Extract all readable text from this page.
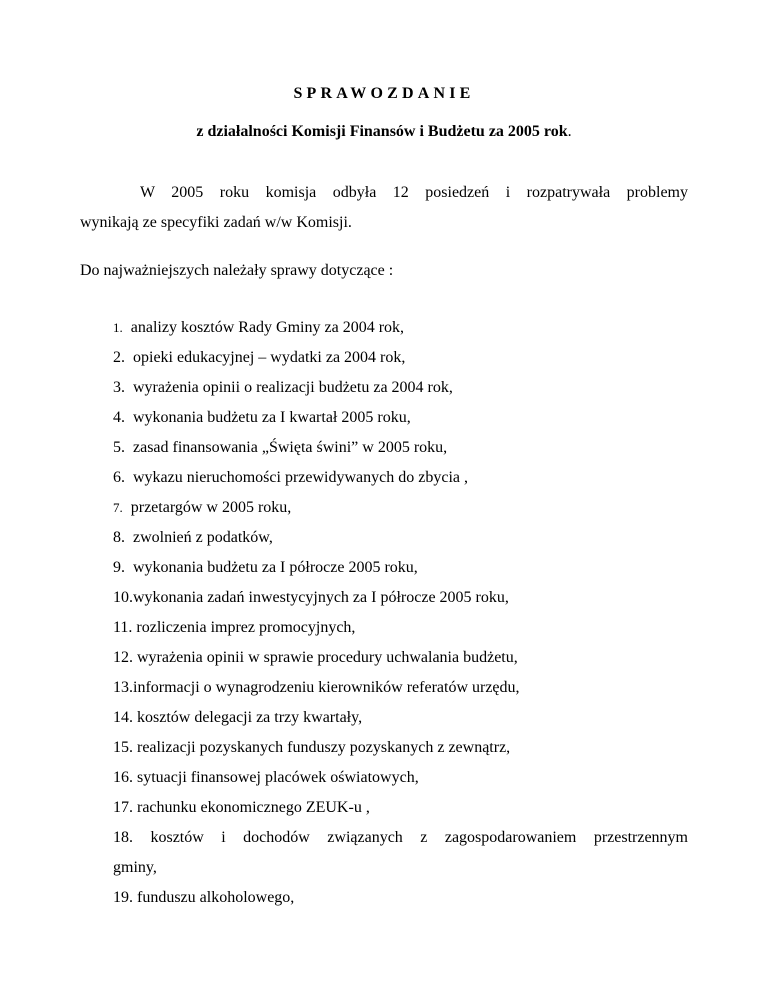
SPRAWOZDANIE
z działalności Komisji Finansów i Budżetu za 2005 rok.
W 2005 roku komisja odbyła 12 posiedzeń i rozpatrywała problemy
wynikają ze specyfiki zadań w/w Komisji.
Do najważniejszych należały sprawy dotyczące :
1. analizy kosztów Rady Gminy za 2004 rok,
2. opieki edukacyjnej – wydatki za 2004 rok,
3. wyrażenia opinii o realizacji budżetu za 2004 rok,
4. wykonania budżetu za I kwartał 2005 roku,
5. zasad finansowania „Święta świni” w 2005 roku,
6. wykazu nieruchomości przewidywanych do zbycia ,
7. przetargów w 2005 roku,
8. zwolnień z podatków,
9. wykonania budżetu za I półrocze 2005 roku,
10.wykonania zadań inwestycyjnych za I półrocze 2005 roku,
11. rozliczenia imprez promocyjnych,
12. wyrażenia opinii w sprawie procedury uchwalania budżetu,
13.informacji o wynagrodzeniu kierowników referatów urzędu,
14. kosztów delegacji za trzy kwartały,
15. realizacji pozyskanych funduszy pozyskanych z zewnątrz,
16. sytuacji finansowej placówek oświatowych,
17. rachunku ekonomicznego ZEUK-u ,
18. kosztów i dochodów związanych z zagospodarowaniem przestrzennym
gminy,
19. funduszu alkoholowego,
